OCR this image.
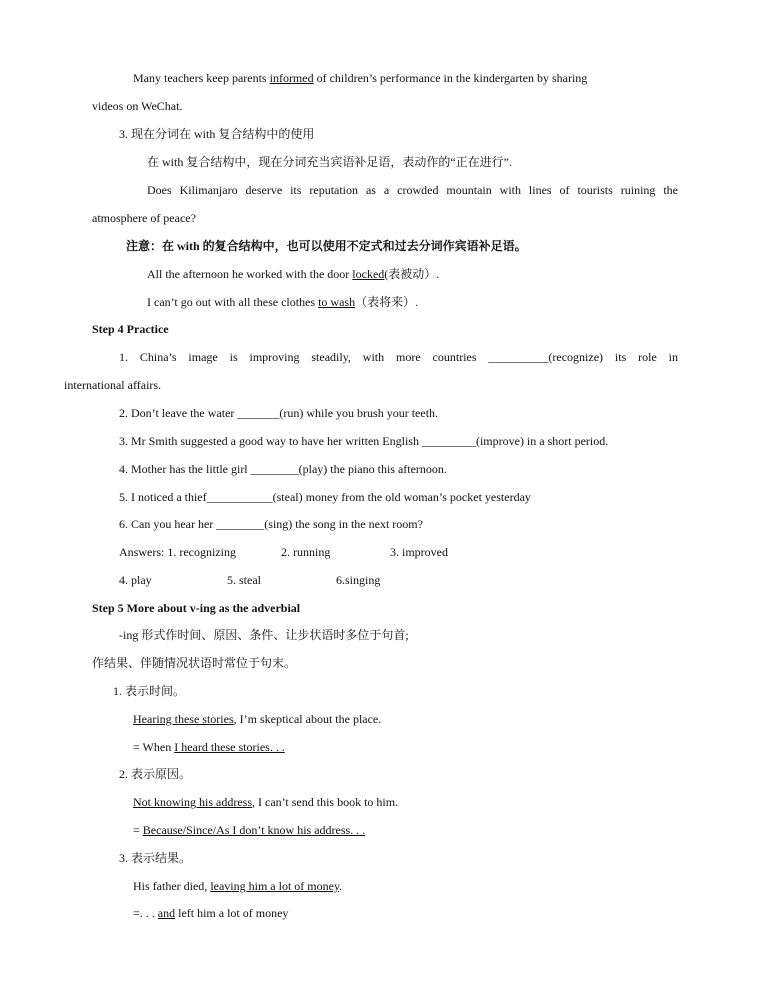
Many teachers keep parents informed of children’s performance in the kindergarten by sharing
videos on WeChat.
3. 现在分词在 with 复合结构中的使用
在 with 复合结构中，现在分词充当宾语补足语，表动作的“正在进行”.
Does Kilimanjaro deserve its reputation as a crowded mountain with lines of tourists ruining the
atmosphere of peace?
注意：在 with 的复合结构中，也可以使用不定式和过去分词作宾语补足语。
All the afternoon he worked with the door locked(表被动）.
I can’t go out with all these clothes to wash（表将来）.
Step 4 Practice
1. China’s image is improving steadily, with more countries __________(recognize) its role in
international affairs.
2. Don’t leave the water _______(run) while you brush your teeth.
3. Mr Smith suggested a good way to have her written English _________(improve) in a short period.
4. Mother has the little girl ________(play) the piano this afternoon.
5. I noticed a thief___________(steal) money from the old woman’s pocket yesterday
6. Can you hear her ________(sing) the song in the next room?
Answers: 1. recognizing	2. running	3. improved
4. play	5. steal	6.singing
Step 5 More about v-ing as the adverbial
-ing 形式作时间、原因、条件、让步状语时多位于句首;
作结果、伴随情况状语时常位于句末。
1. 表示时间。
Hearing these stories, I’m skeptical about the place.
= When I heard these stories. . .
2. 表示原因。
Not knowing his address, I can’t send this book to him.
= Because/Since/As I don’t know his address. . .
3. 表示结果。
His father died, leaving him a lot of money.
=. . . and left him a lot of money
